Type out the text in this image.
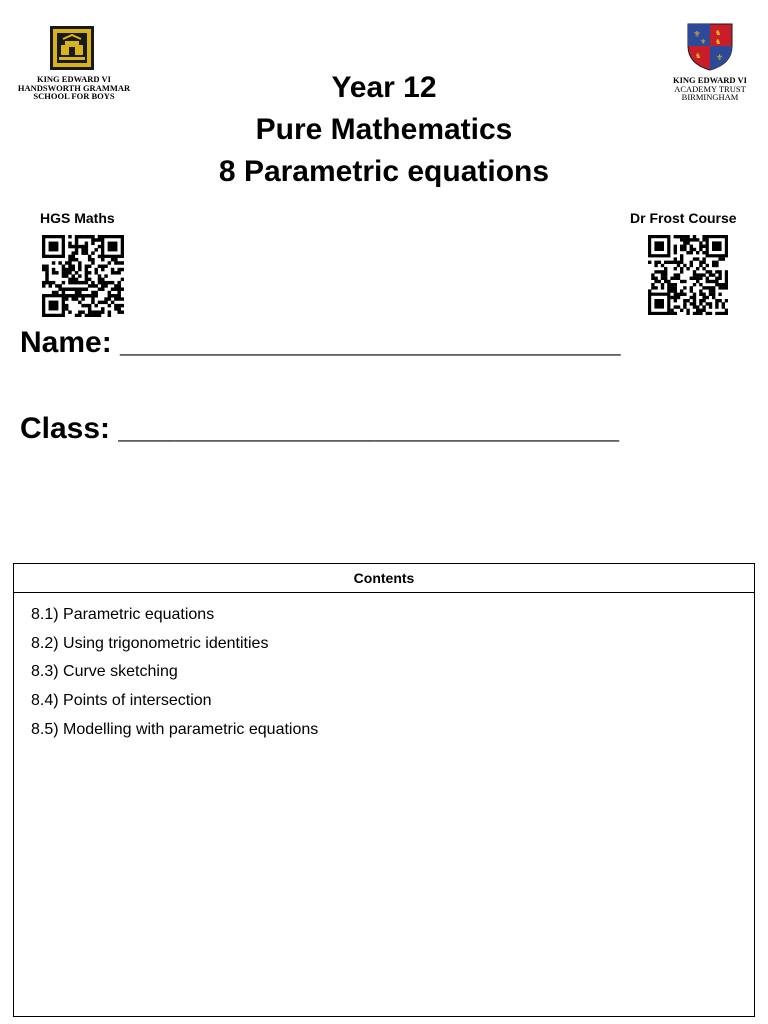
KING EDWARD VI
HANDSWORTH GRAMMAR
SCHOOL FOR BOYS
⚜
⚜
♞
♞
♞ ⚜
KING EDWARD VI
ACADEMY TRUST
BIRMINGHAM
Year 12
Pure Mathematics
8 Parametric equations
HGS Maths	Dr Frost Course
Name: ______________________________
Class: ______________________________
Contents
8.1) Parametric equations
8.2) Using trigonometric identities
8.3) Curve sketching
8.4) Points of intersection
8.5) Modelling with parametric equations
